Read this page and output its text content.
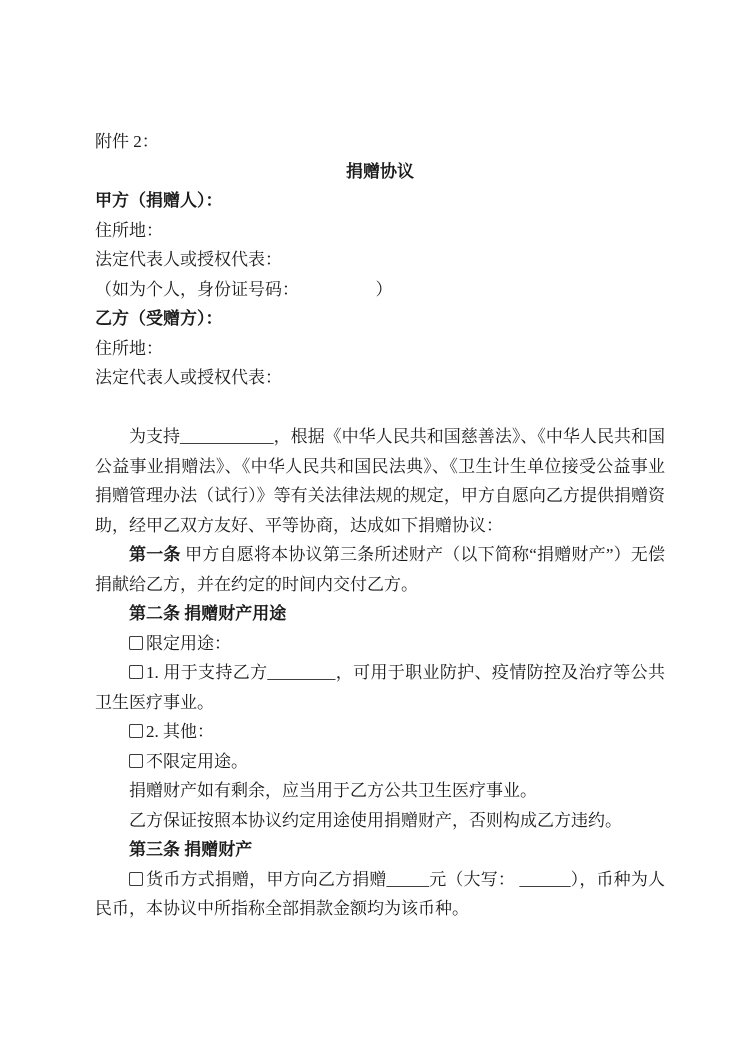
附件 2：
捐赠协议
甲方（捐赠人）：
住所地：
法定代表人或授权代表：
（如为个人，身份证号码：　　　　　）
乙方（受赠方）：
住所地：
法定代表人或授权代表：

为支持___________，根据《中华人民共和国慈善法》、《中华人民共和国公益事业捐赠法》、《中华人民共和国民法典》、《卫生计生单位接受公益事业捐赠管理办法（试行）》等有关法律法规的规定，甲方自愿向乙方提供捐赠资助，经甲乙双方友好、平等协商，达成如下捐赠协议：

第一条 甲方自愿将本协议第三条所述财产（以下简称“捐赠财产”）无偿捐献给乙方，并在约定的时间内交付乙方。

第二条 捐赠财产用途

限定用途：

1. 用于支持乙方________，可用于职业防护、疫情防控及治疗等公共卫生医疗事业。

2. 其他：

不限定用途。

捐赠财产如有剩余，应当用于乙方公共卫生医疗事业。

乙方保证按照本协议约定用途使用捐赠财产，否则构成乙方违约。

第三条 捐赠财产

货币方式捐赠，甲方向乙方捐赠_____元（大写： ______），币种为人民币，本协议中所指称全部捐款金额均为该币种。
